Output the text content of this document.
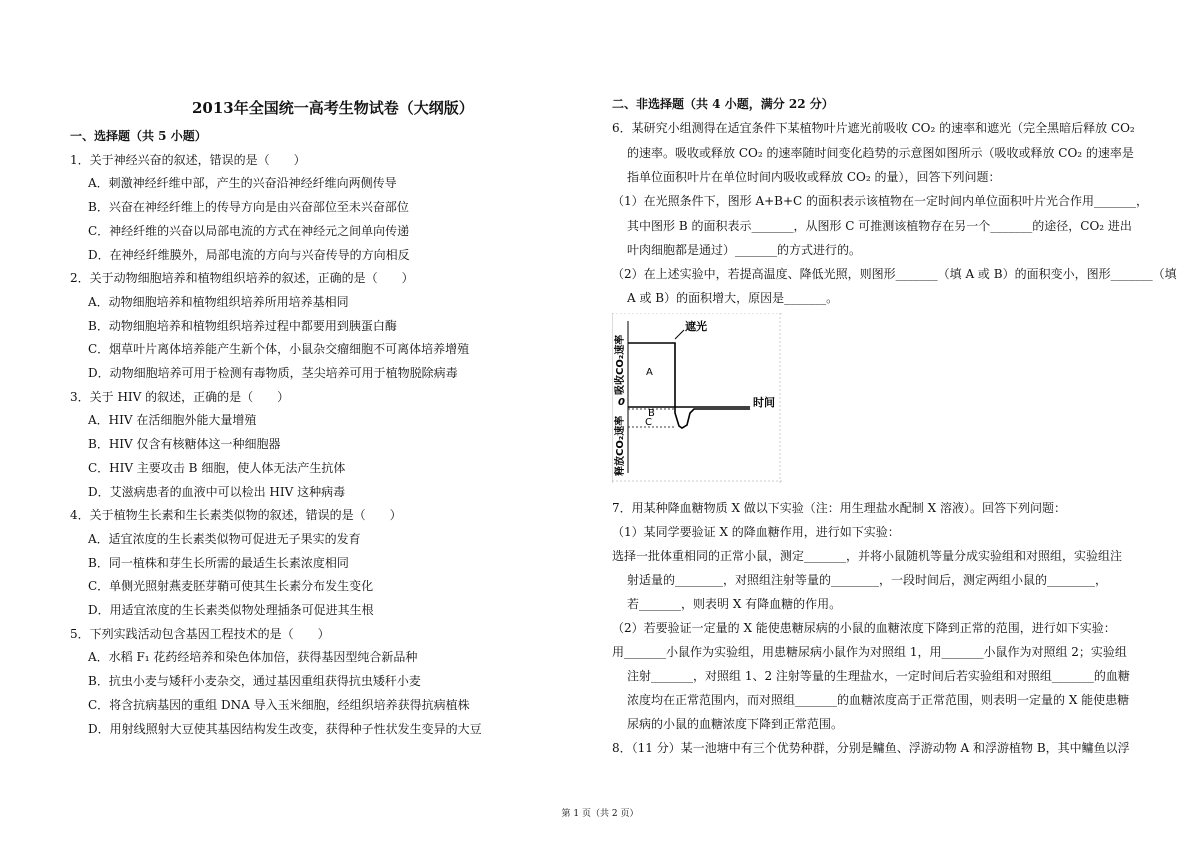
2013年全国统一高考生物试卷（大纲版）
一、选择题（共 5 小题）
1．关于神经兴奋的叙述，错误的是（　　）
A．刺激神经纤维中部，产生的兴奋沿神经纤维向两侧传导
B．兴奋在神经纤维上的传导方向是由兴奋部位至未兴奋部位
C．神经纤维的兴奋以局部电流的方式在神经元之间单向传递
D．在神经纤维膜外，局部电流的方向与兴奋传导的方向相反
2．关于动物细胞培养和植物组织培养的叙述，正确的是（　　）
A．动物细胞培养和植物组织培养所用培养基相同
B．动物细胞培养和植物组织培养过程中都要用到胰蛋白酶
C．烟草叶片离体培养能产生新个体，小鼠杂交瘤细胞不可离体培养增殖
D．动物细胞培养可用于检测有毒物质，茎尖培养可用于植物脱除病毒
3．关于 HIV 的叙述，正确的是（　　）
A．HIV 在活细胞外能大量增殖
B．HIV 仅含有核糖体这一种细胞器
C．HIV 主要攻击 B 细胞，使人体无法产生抗体
D．艾滋病患者的血液中可以检出 HIV 这种病毒
4．关于植物生长素和生长素类似物的叙述，错误的是（　　）
A．适宜浓度的生长素类似物可促进无子果实的发育
B．同一植株和芽生长所需的最适生长素浓度相同
C．单侧光照射燕麦胚芽鞘可使其生长素分布发生变化
D．用适宜浓度的生长素类似物处理插条可促进其生根
5．下列实践活动包含基因工程技术的是（　　）
A．水稻 F₁ 花药经培养和染色体加倍，获得基因型纯合新品种
B．抗虫小麦与矮秆小麦杂交，通过基因重组获得抗虫矮秆小麦
C．将含抗病基因的重组 DNA 导入玉米细胞，经组织培养获得抗病植株
D．用射线照射大豆使其基因结构发生改变，获得种子性状发生变异的大豆
二、非选择题（共 4 小题，满分 22 分）
6．某研究小组测得在适宜条件下某植物叶片遮光前吸收 CO₂ 的速率和遮光（完全黑暗后释放 CO₂
的速率。吸收或释放 CO₂ 的速率随时间变化趋势的示意图如图所示（吸收或释放 CO₂ 的速率是
指单位面积叶片在单位时间内吸收或释放 CO₂ 的量），回答下列问题：
（1）在光照条件下，图形 A+B+C 的面积表示该植物在一定时间内单位面积叶片光合作用_______，
其中图形 B 的面积表示_______，从图形 C 可推测该植物存在另一个_______的途径，CO₂ 进出
叶肉细胞都是通过）_______的方式进行的。
（2）在上述实验中，若提高温度、降低光照，则图形_______（填 A 或 B）的面积变小，图形_______（填
A 或 B）的面积增大，原因是_______。
吸收CO₂速率
释放CO₂速率
0	时间
A
B
C
遮光
7．用某种降血糖物质 X 做以下实验（注：用生理盐水配制 X 溶液）。回答下列问题：
（1）某同学要验证 X 的降血糖作用，进行如下实验：
选择一批体重相同的正常小鼠，测定_______，并将小鼠随机等量分成实验组和对照组，实验组注
射适量的________，对照组注射等量的________，一段时间后，测定两组小鼠的________，
若_______，则表明 X 有降血糖的作用。
（2）若要验证一定量的 X 能使患糖尿病的小鼠的血糖浓度下降到正常的范围，进行如下实验：
用_______小鼠作为实验组，用患糖尿病小鼠作为对照组 1，用_______小鼠作为对照组 2；实验组
注射_______，对照组 1、2 注射等量的生理盐水，一定时间后若实验组和对照组_______的血糖
浓度均在正常范围内，而对照组_______的血糖浓度高于正常范围，则表明一定量的 X 能使患糖
尿病的小鼠的血糖浓度下降到正常范围。
8．（11 分）某一池塘中有三个优势种群，分别是鳙鱼、浮游动物 A 和浮游植物 B，其中鳙鱼以浮
第 1 页（共 2 页）
